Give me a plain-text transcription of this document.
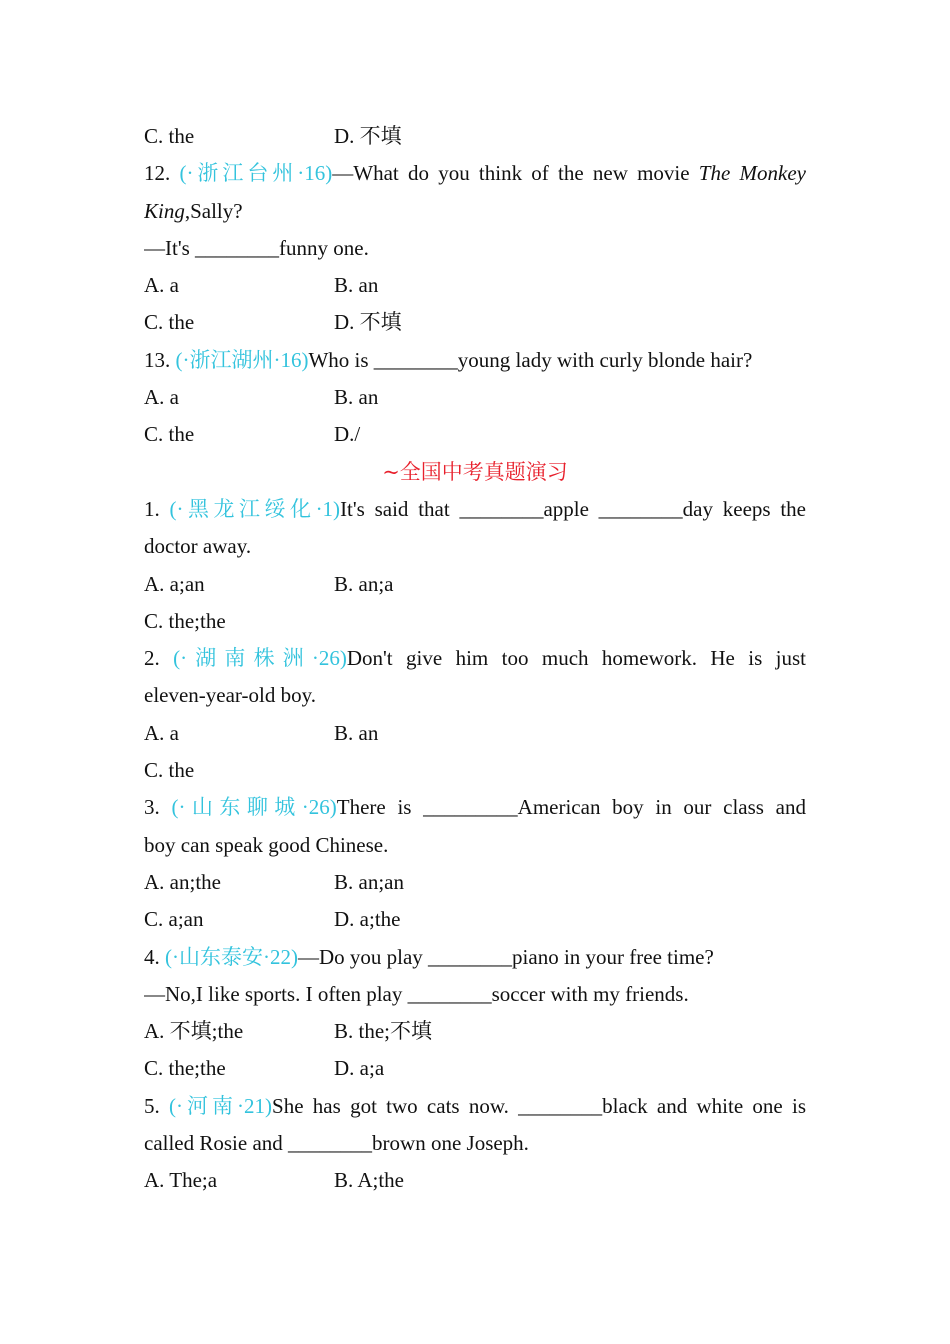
C. the	D. 不填
12. (·浙江台州·16)—What do you think of the new movie The Monkey
King,Sally?
—It's ________funny one.
A. a	B. an
C. the	D. 不填
13. (·浙江湖州·16)Who is ________young lady with curly blonde hair?
A. a	B. an
C. the	D./
~全国中考真题演习
1. (·黑龙江绥化·1)It's said that ________apple ________day keeps the
doctor away.
A. a;an	B. an;a
C. the;the
2. (·湖南株洲·26)Don't give him too much homework. He is just
eleven-year-old boy.
A. a	B. an
C. the
3. (·山东聊城·26)There is _________American boy in our class and
boy can speak good Chinese.
A. an;the	B. an;an
C. a;an	D. a;the
4. (·山东泰安·22)—Do you play ________piano in your free time?
—No,I like sports. I often play ________soccer with my friends.
A. 不填;the	B. the;不填
C. the;the	D. a;a
5. (·河南·21)She has got two cats now. ________black and white one is
called Rosie and ________brown one Joseph.
A. The;a	B. A;the
